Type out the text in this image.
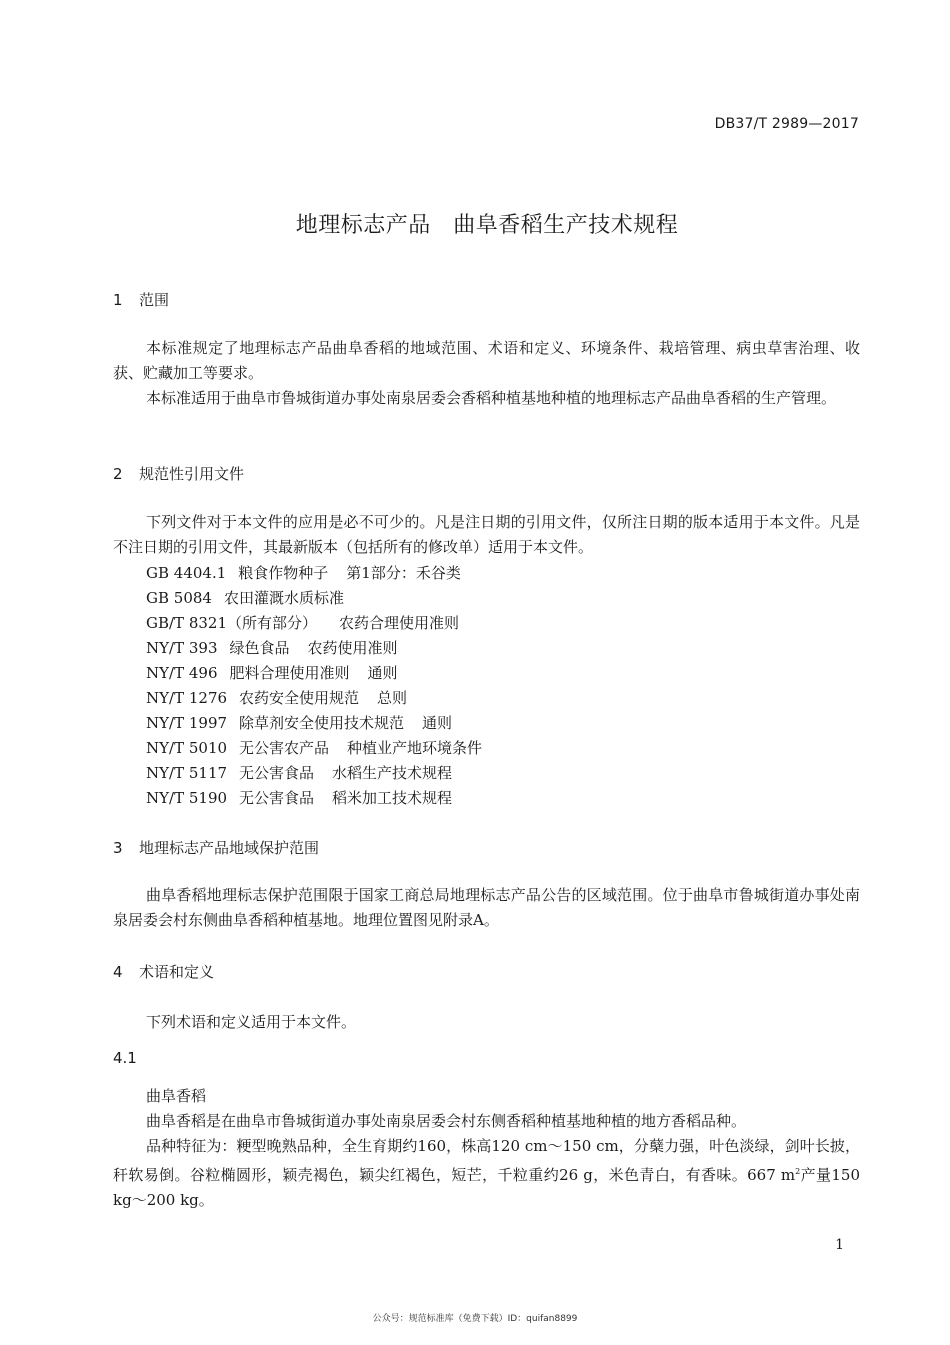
DB37/T 2989—2017
地理标志产品　曲阜香稻生产技术规程
1 范围
本标准规定了地理标志产品曲阜香稻的地域范围、术语和定义、环境条件、栽培管理、病虫草害治理、收获、贮藏加工等要求。
本标准适用于曲阜市鲁城街道办事处南泉居委会香稻种植基地种植的地理标志产品曲阜香稻的生产管理。
2 规范性引用文件
下列文件对于本文件的应用是必不可少的。凡是注日期的引用文件，仅所注日期的版本适用于本文件。凡是不注日期的引用文件，其最新版本（包括所有的修改单）适用于本文件。
GB 4404.1 粮食作物种子 第1部分：禾谷类
GB 5084 农田灌溉水质标准
GB/T 8321（所有部分） 农药合理使用准则
NY/T 393 绿色食品 农药使用准则
NY/T 496 肥料合理使用准则 通则
NY/T 1276 农药安全使用规范 总则
NY/T 1997 除草剂安全使用技术规范 通则
NY/T 5010 无公害农产品 种植业产地环境条件
NY/T 5117 无公害食品 水稻生产技术规程
NY/T 5190 无公害食品 稻米加工技术规程
3 地理标志产品地域保护范围
曲阜香稻地理标志保护范围限于国家工商总局地理标志产品公告的区域范围。位于曲阜市鲁城街道办事处南泉居委会村东侧曲阜香稻种植基地。地理位置图见附录A。
4 术语和定义
下列术语和定义适用于本文件。
4.1
曲阜香稻
曲阜香稻是在曲阜市鲁城街道办事处南泉居委会村东侧香稻种植基地种植的地方香稻品种。
品种特征为：粳型晚熟品种，全生育期约160，株高120 cm～150 cm，分蘖力强，叶色淡绿，剑叶长披，秆软易倒。谷粒椭圆形，颖壳褐色，颖尖红褐色，短芒，千粒重约26 g，米色青白，有香味。667 $m^2$产量150 kg～200 kg。
1
公众号：规范标准库（免费下载）ID：quifan8899
